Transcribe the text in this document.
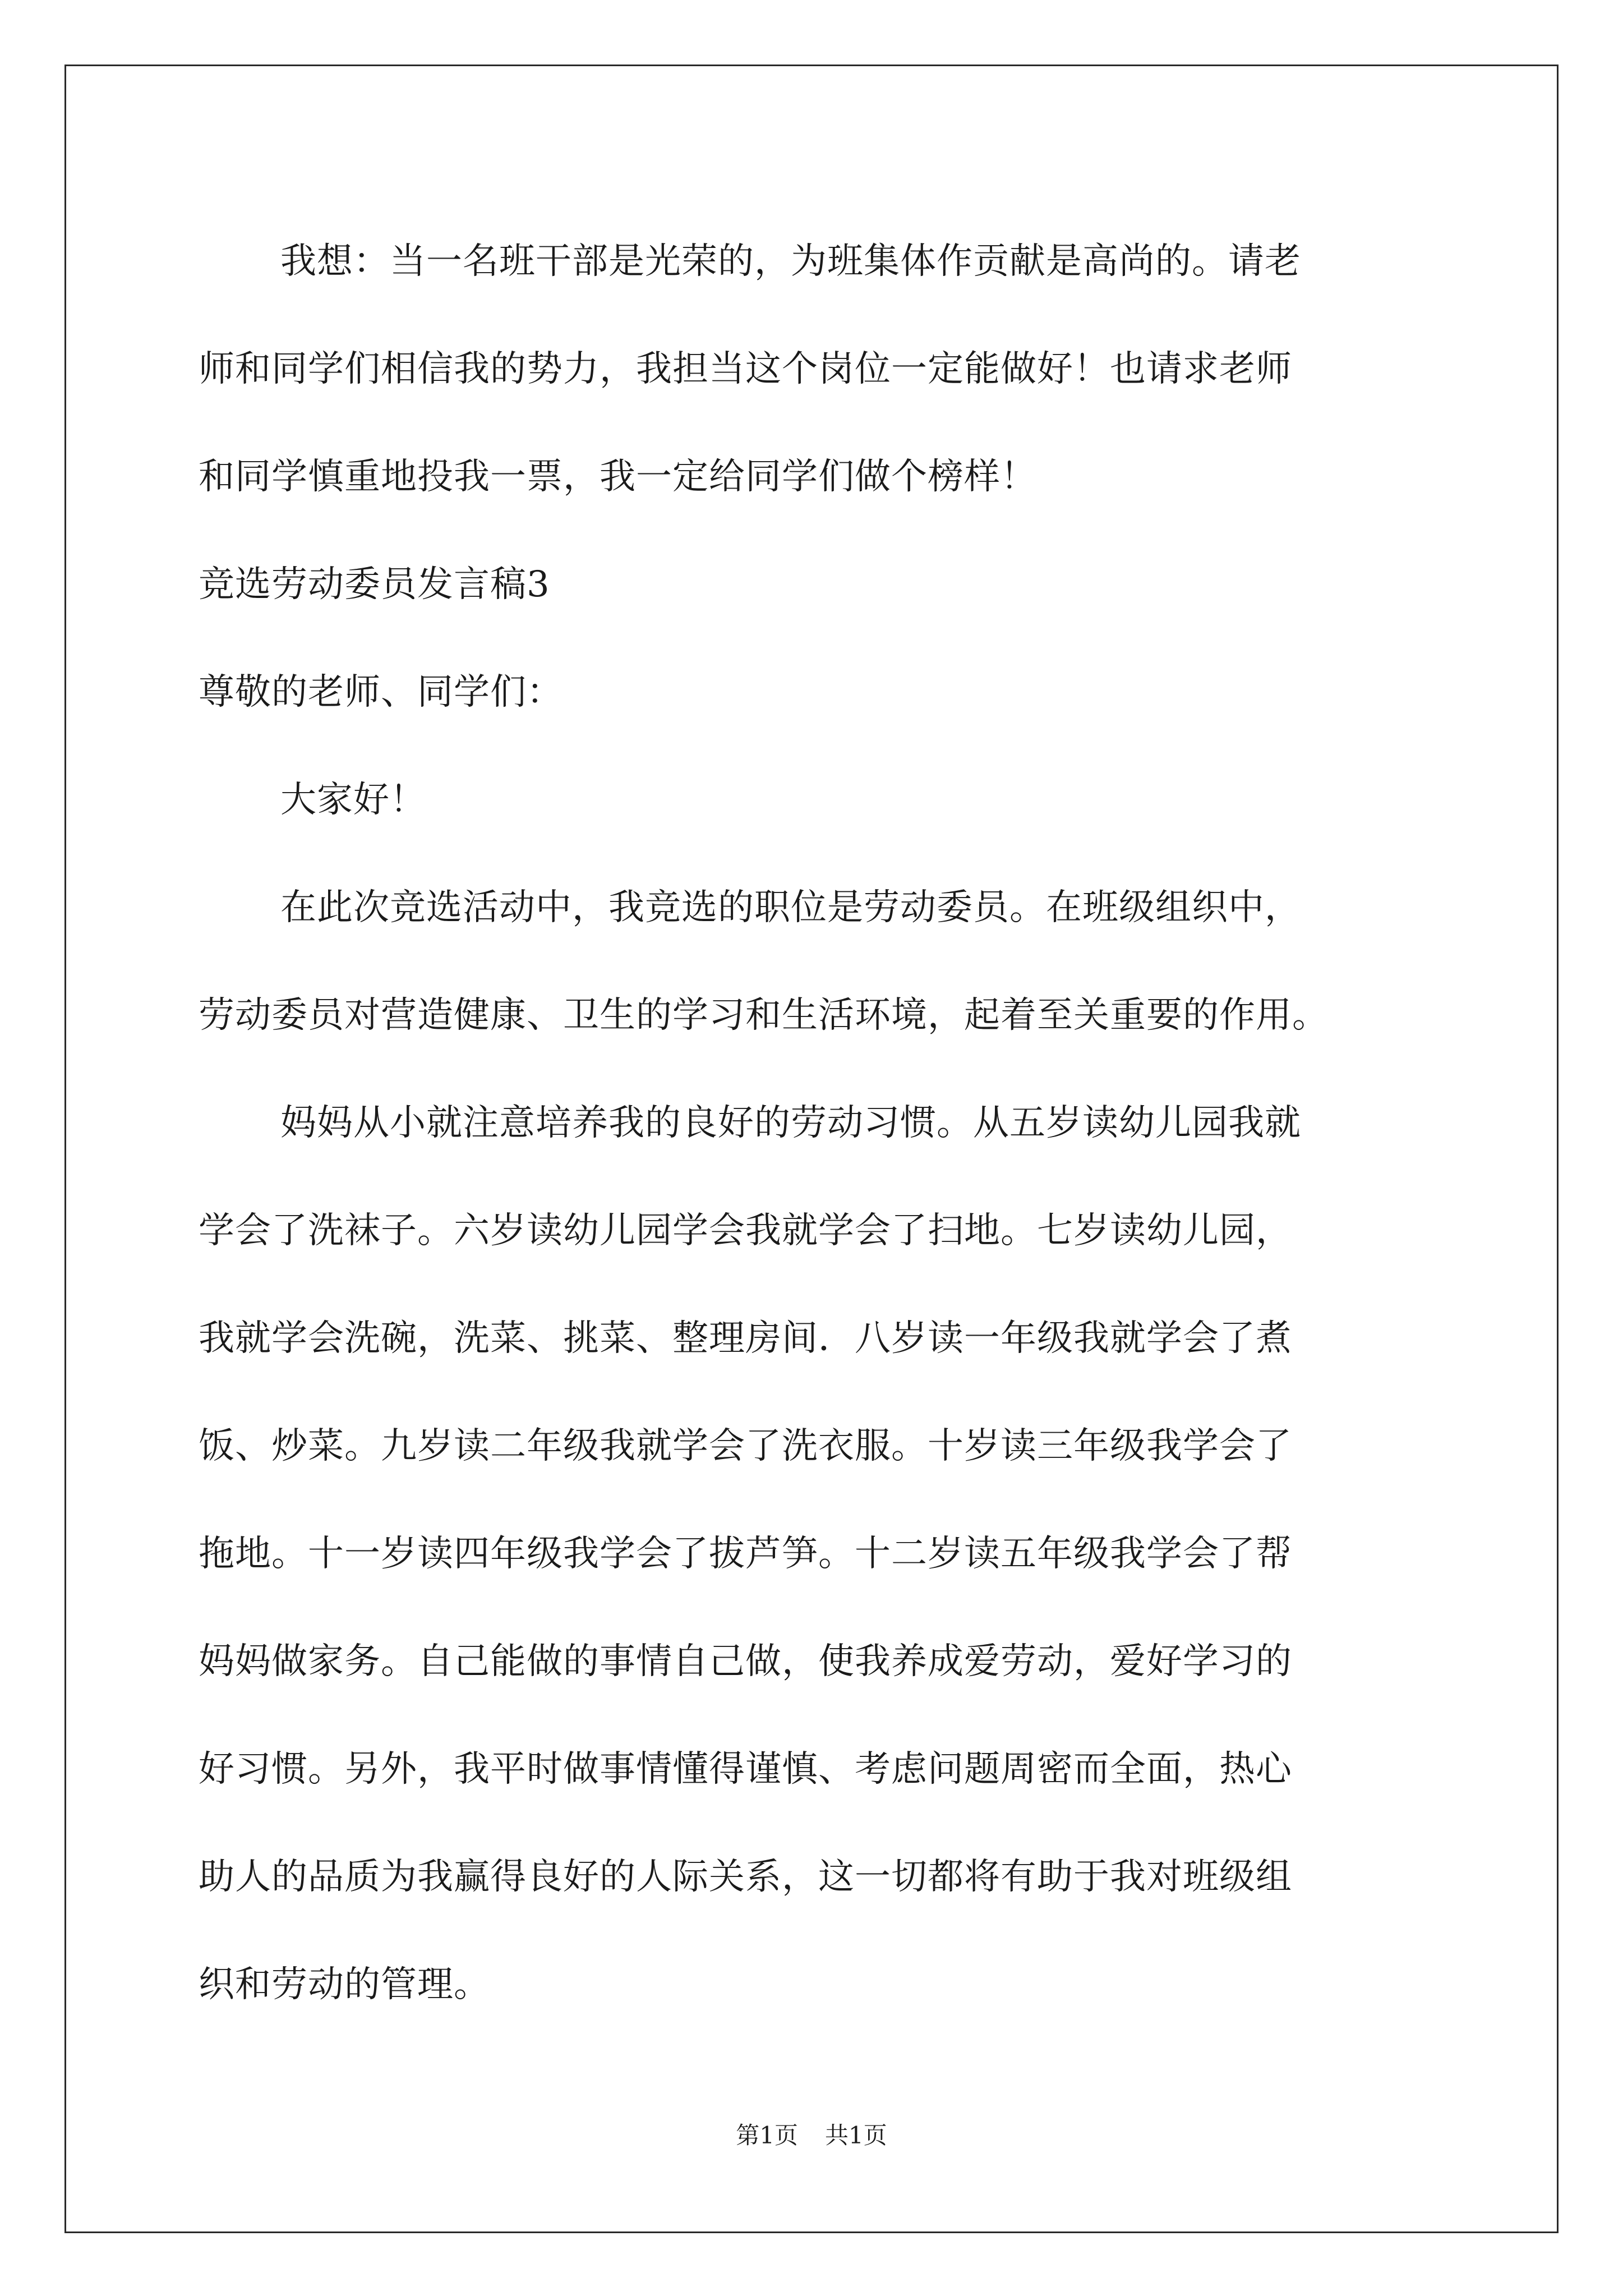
我想：当一名班干部是光荣的，为班集体作贡献是高尚的。请老
师和同学们相信我的势力，我担当这个岗位一定能做好！也请求老师
和同学慎重地投我一票，我一定给同学们做个榜样！
竞选劳动委员发言稿3
尊敬的老师、同学们：
大家好！
在此次竞选活动中，我竞选的职位是劳动委员。在班级组织中，
劳动委员对营造健康、卫生的学习和生活环境，起着至关重要的作用。
妈妈从小就注意培养我的良好的劳动习惯。从五岁读幼儿园我就
学会了洗袜子。六岁读幼儿园学会我就学会了扫地。七岁读幼儿园，
我就学会洗碗，洗菜、挑菜、整理房间．八岁读一年级我就学会了煮
饭、炒菜。九岁读二年级我就学会了洗衣服。十岁读三年级我学会了
拖地。十一岁读四年级我学会了拔芦笋。十二岁读五年级我学会了帮
妈妈做家务。自己能做的事情自己做，使我养成爱劳动，爱好学习的
好习惯。另外，我平时做事情懂得谨慎、考虑问题周密而全面，热心
助人的品质为我赢得良好的人际关系，这一切都将有助于我对班级组
织和劳动的管理。
第1页 共1页
